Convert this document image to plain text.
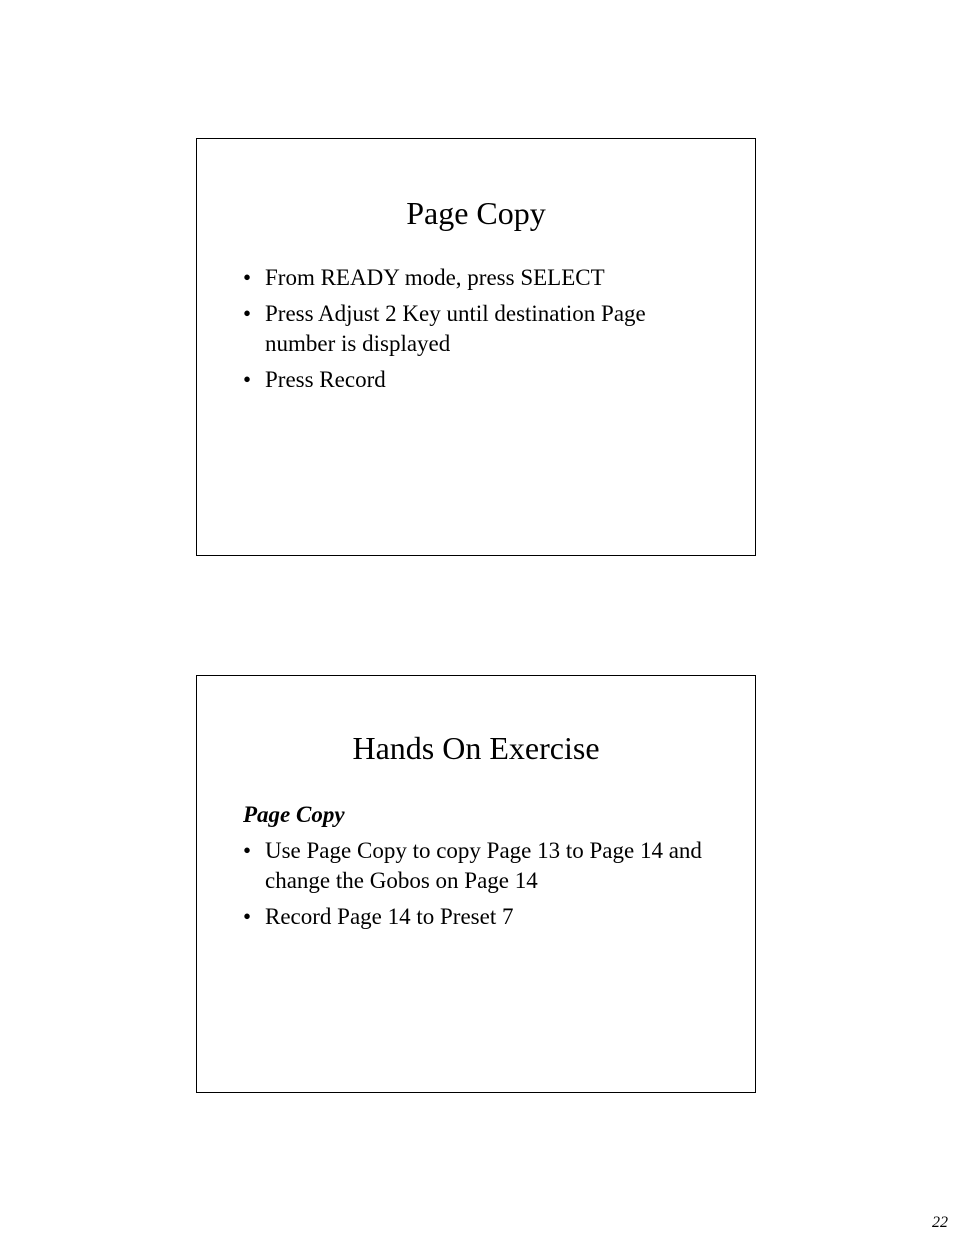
Page Copy
• From READY mode, press SELECT
• Press Adjust 2 Key until destination Page number is displayed
• Press Record
Hands On Exercise

Page Copy

• Use Page Copy to copy Page 13 to Page 14 and change the Gobos on Page 14
• Record Page 14 to Preset 7
22
